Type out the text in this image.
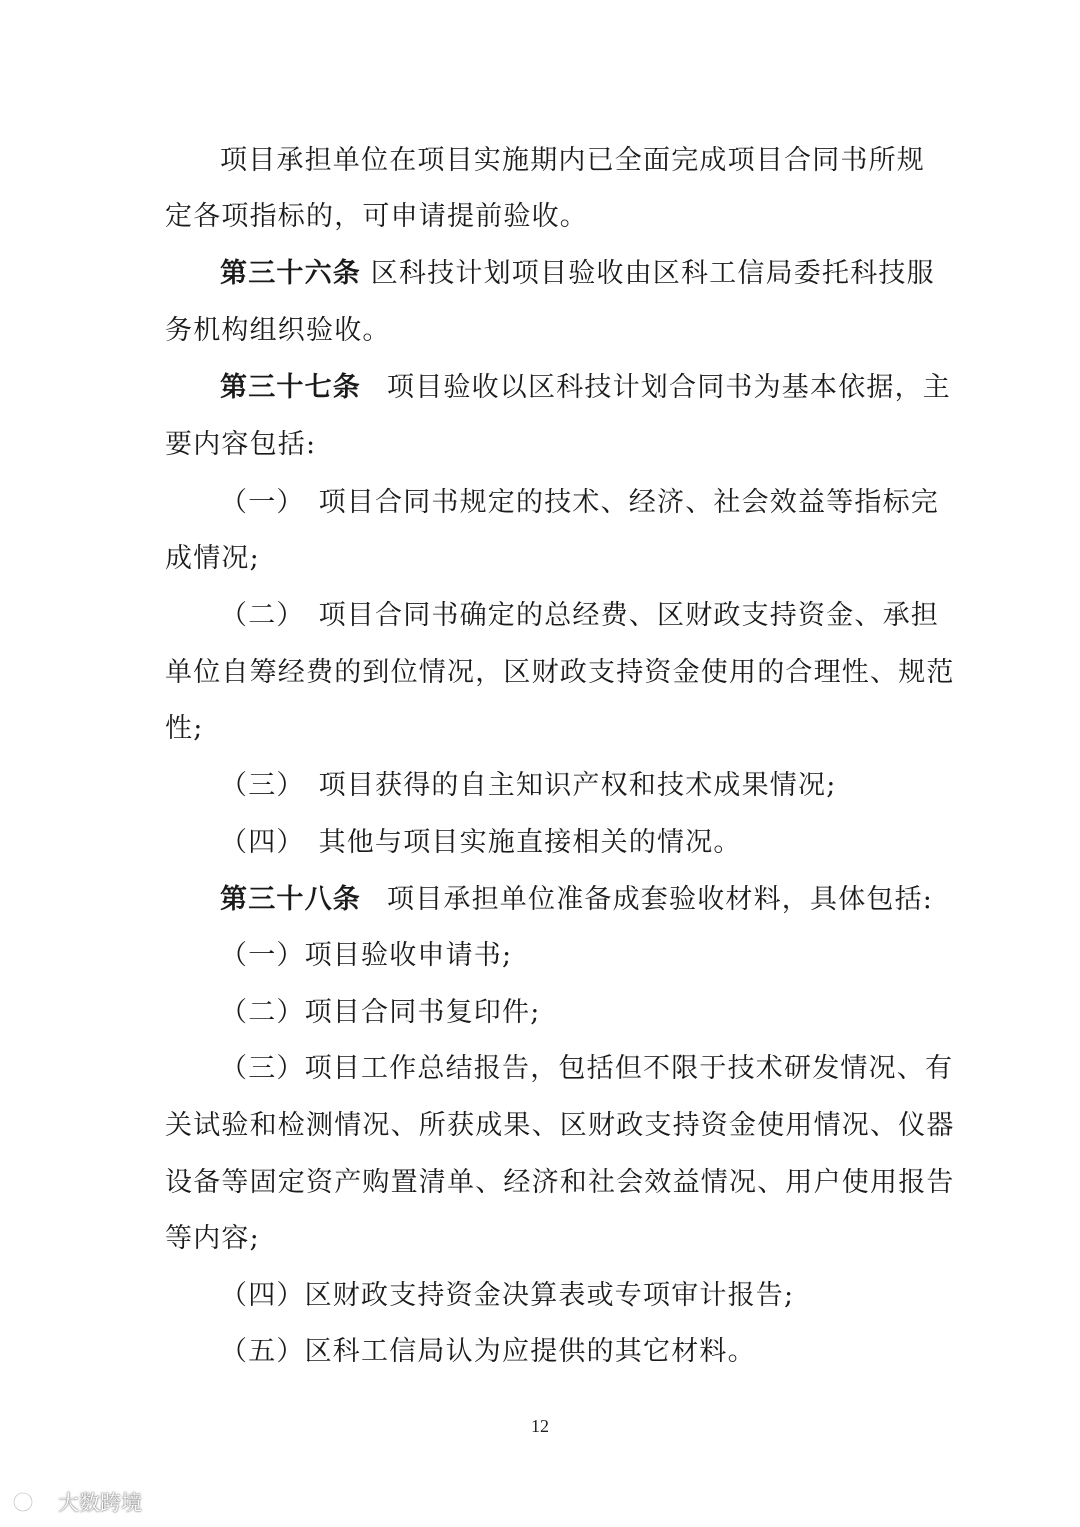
项目承担单位在项目实施期内已全面完成项目合同书所规
定各项指标的，可申请提前验收。
第三十六条 区科技计划项目验收由区科工信局委托科技服
务机构组织验收。
第三十七条 项目验收以区科技计划合同书为基本依据，主
要内容包括:
（一） 项目合同书规定的技术、经济、社会效益等指标完
成情况;
（二） 项目合同书确定的总经费、区财政支持资金、承担
单位自筹经费的到位情况，区财政支持资金使用的合理性、规范
性;
（三） 项目获得的自主知识产权和技术成果情况;
（四） 其他与项目实施直接相关的情况。
第三十八条 项目承担单位准备成套验收材料，具体包括:
（一）项目验收申请书;
（二）项目合同书复印件;
（三）项目工作总结报告，包括但不限于技术研发情况、有
关试验和检测情况、所获成果、区财政支持资金使用情况、仪器
设备等固定资产购置清单、经济和社会效益情况、用户使用报告
等内容;
（四）区财政支持资金决算表或专项审计报告;
（五）区科工信局认为应提供的其它材料。
12
大数跨境
